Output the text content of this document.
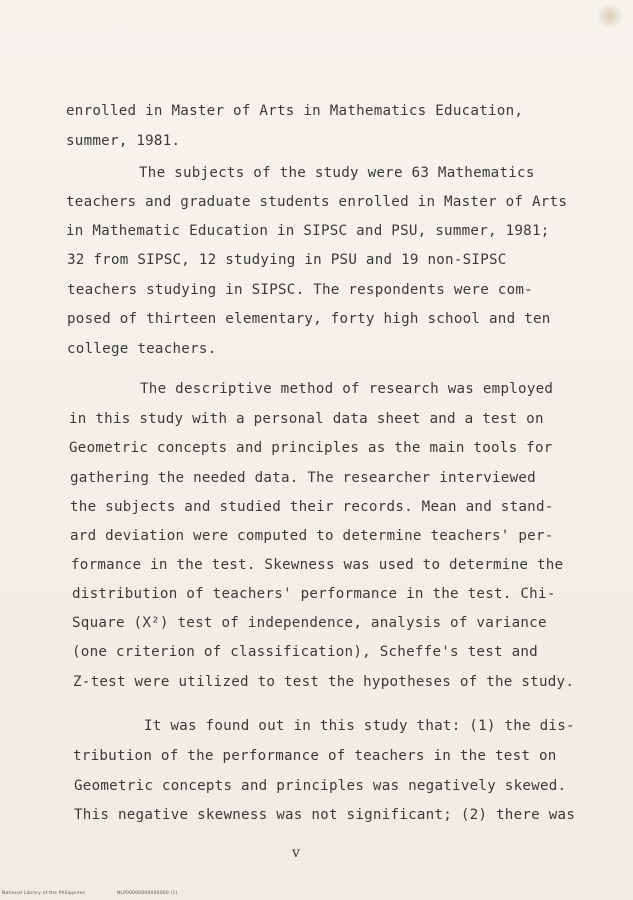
enrolled in Master of Arts in Mathematics Education,
summer, 1981.
The subjects of the study were 63 Mathematics
teachers and graduate students enrolled in Master of Arts
in Mathematic Education in SIPSC and PSU, summer, 1981;
32 from SIPSC, 12 studying in PSU and 19 non-SIPSC
teachers studying in SIPSC. The respondents were com-
posed of thirteen elementary, forty high school and ten
college teachers.
The descriptive method of research was employed
in this study with a personal data sheet and a test on
Geometric concepts and principles as the main tools for
gathering the needed data. The researcher interviewed
the subjects and studied their records. Mean and stand-
ard deviation were computed to determine teachers' per-
formance in the test. Skewness was used to determine the
distribution of teachers' performance in the test. Chi-
Square (X²) test of independence, analysis of variance
(one criterion of classification), Scheffe's test and
Z-test were utilized to test the hypotheses of the study.
It was found out in this study that: (1) the dis-
tribution of the performance of teachers in the test on
Geometric concepts and principles was negatively skewed.
This negative skewness was not significant; (2) there was
v
National Library of the Philippines	NLP00000000000000 (1)
